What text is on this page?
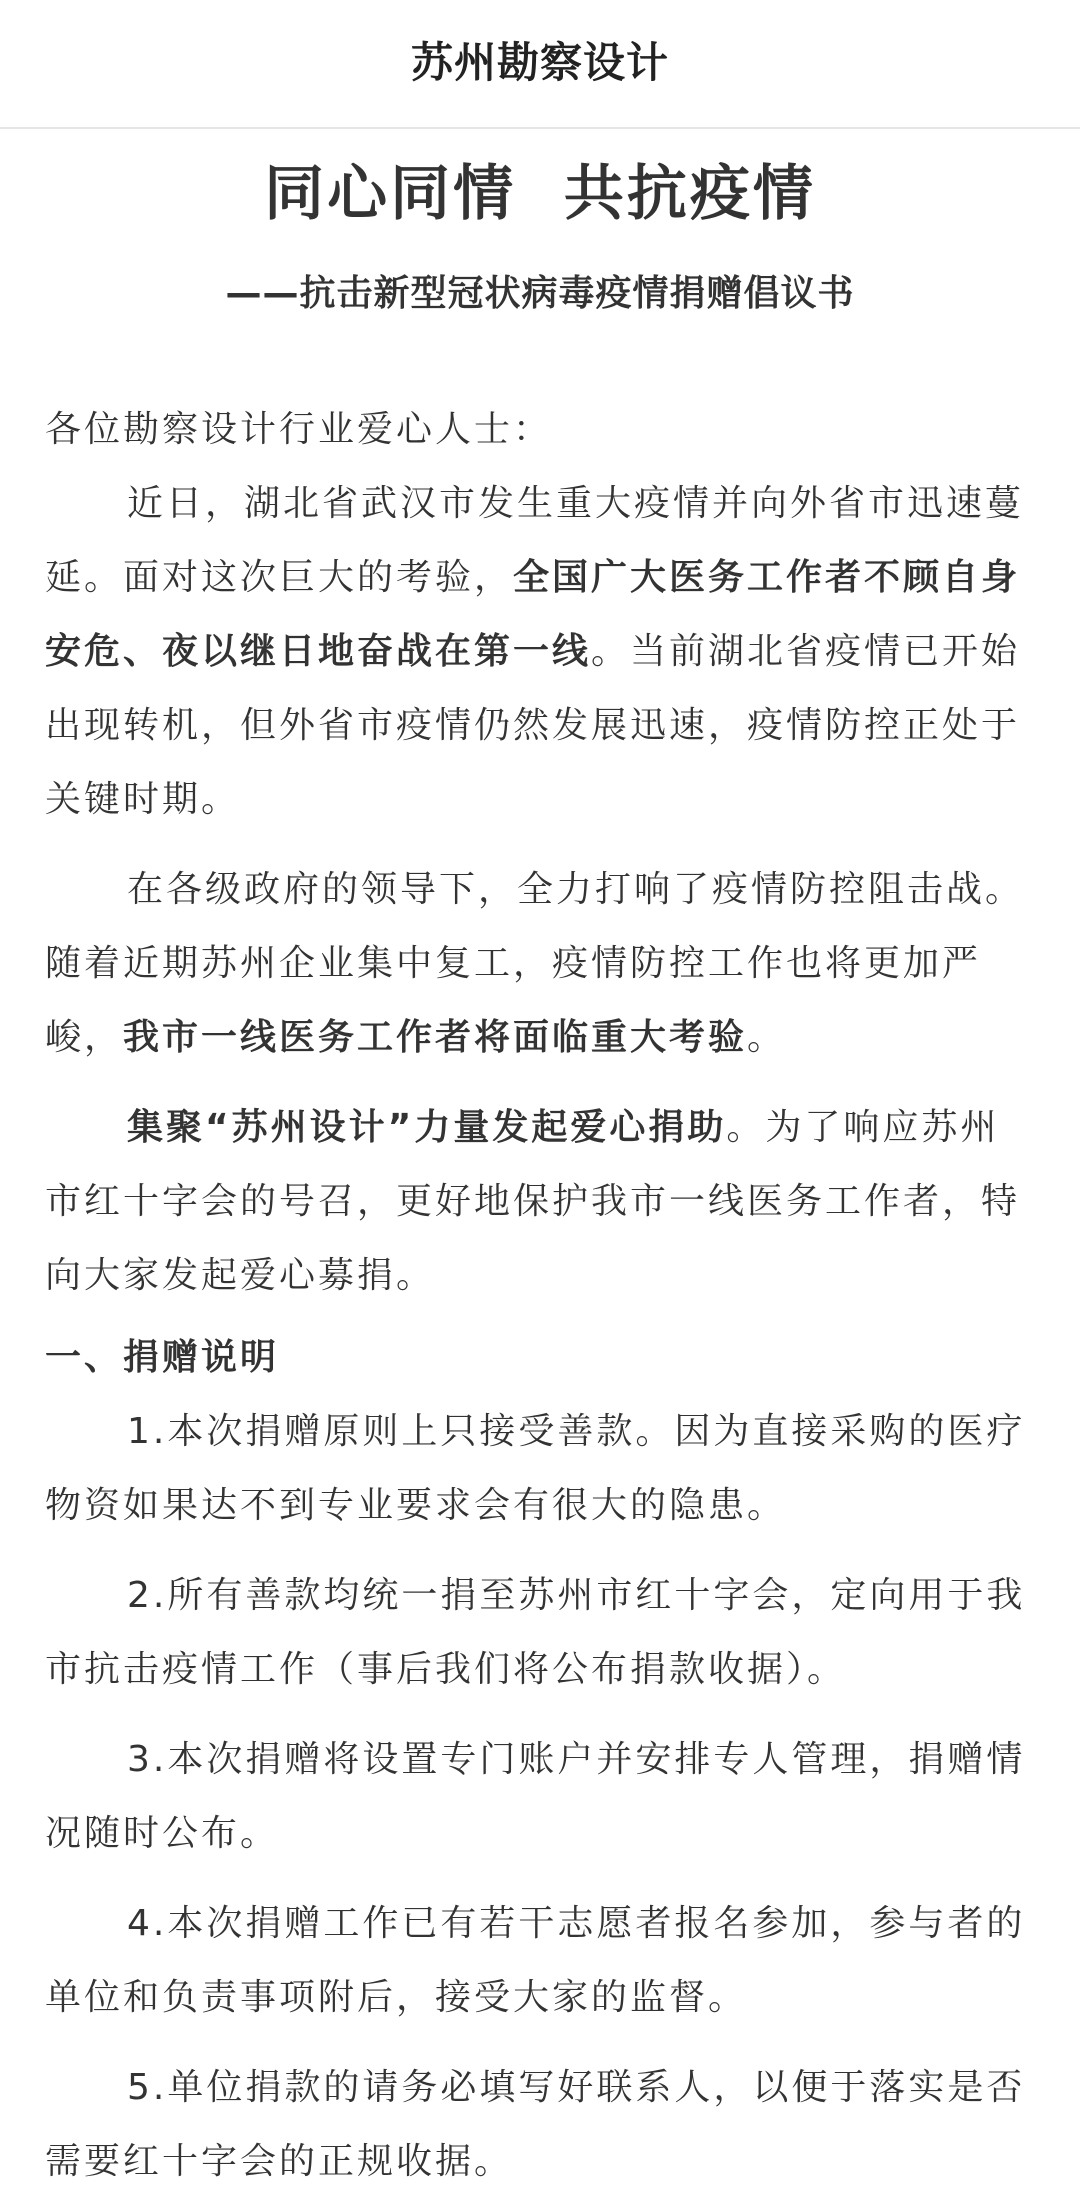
苏州勘察设计
同心同情  共抗疫情
——抗击新型冠状病毒疫情捐赠倡议书

各位勘察设计行业爱心人士：

近日，湖北省武汉市发生重大疫情并向外省市迅速蔓延。面对这次巨大的考验，全国广大医务工作者不顾自身安危、夜以继日地奋战在第一线。当前湖北省疫情已开始出现转机，但外省市疫情仍然发展迅速，疫情防控正处于关键时期。

在各级政府的领导下，全力打响了疫情防控阻击战。随着近期苏州企业集中复工，疫情防控工作也将更加严峻，我市一线医务工作者将面临重大考验。

集聚“苏州设计”力量发起爱心捐助。为了响应苏州市红十字会的号召，更好地保护我市一线医务工作者，特向大家发起爱心募捐。

一、捐赠说明

1.本次捐赠原则上只接受善款。因为直接采购的医疗物资如果达不到专业要求会有很大的隐患。

2.所有善款均统一捐至苏州市红十字会，定向用于我市抗击疫情工作（事后我们将公布捐款收据）。

3.本次捐赠将设置专门账户并安排专人管理，捐赠情况随时公布。

4.本次捐赠工作已有若干志愿者报名参加，参与者的单位和负责事项附后，接受大家的监督。

5.单位捐款的请务必填写好联系人，以便于落实是否需要红十字会的正规收据。
